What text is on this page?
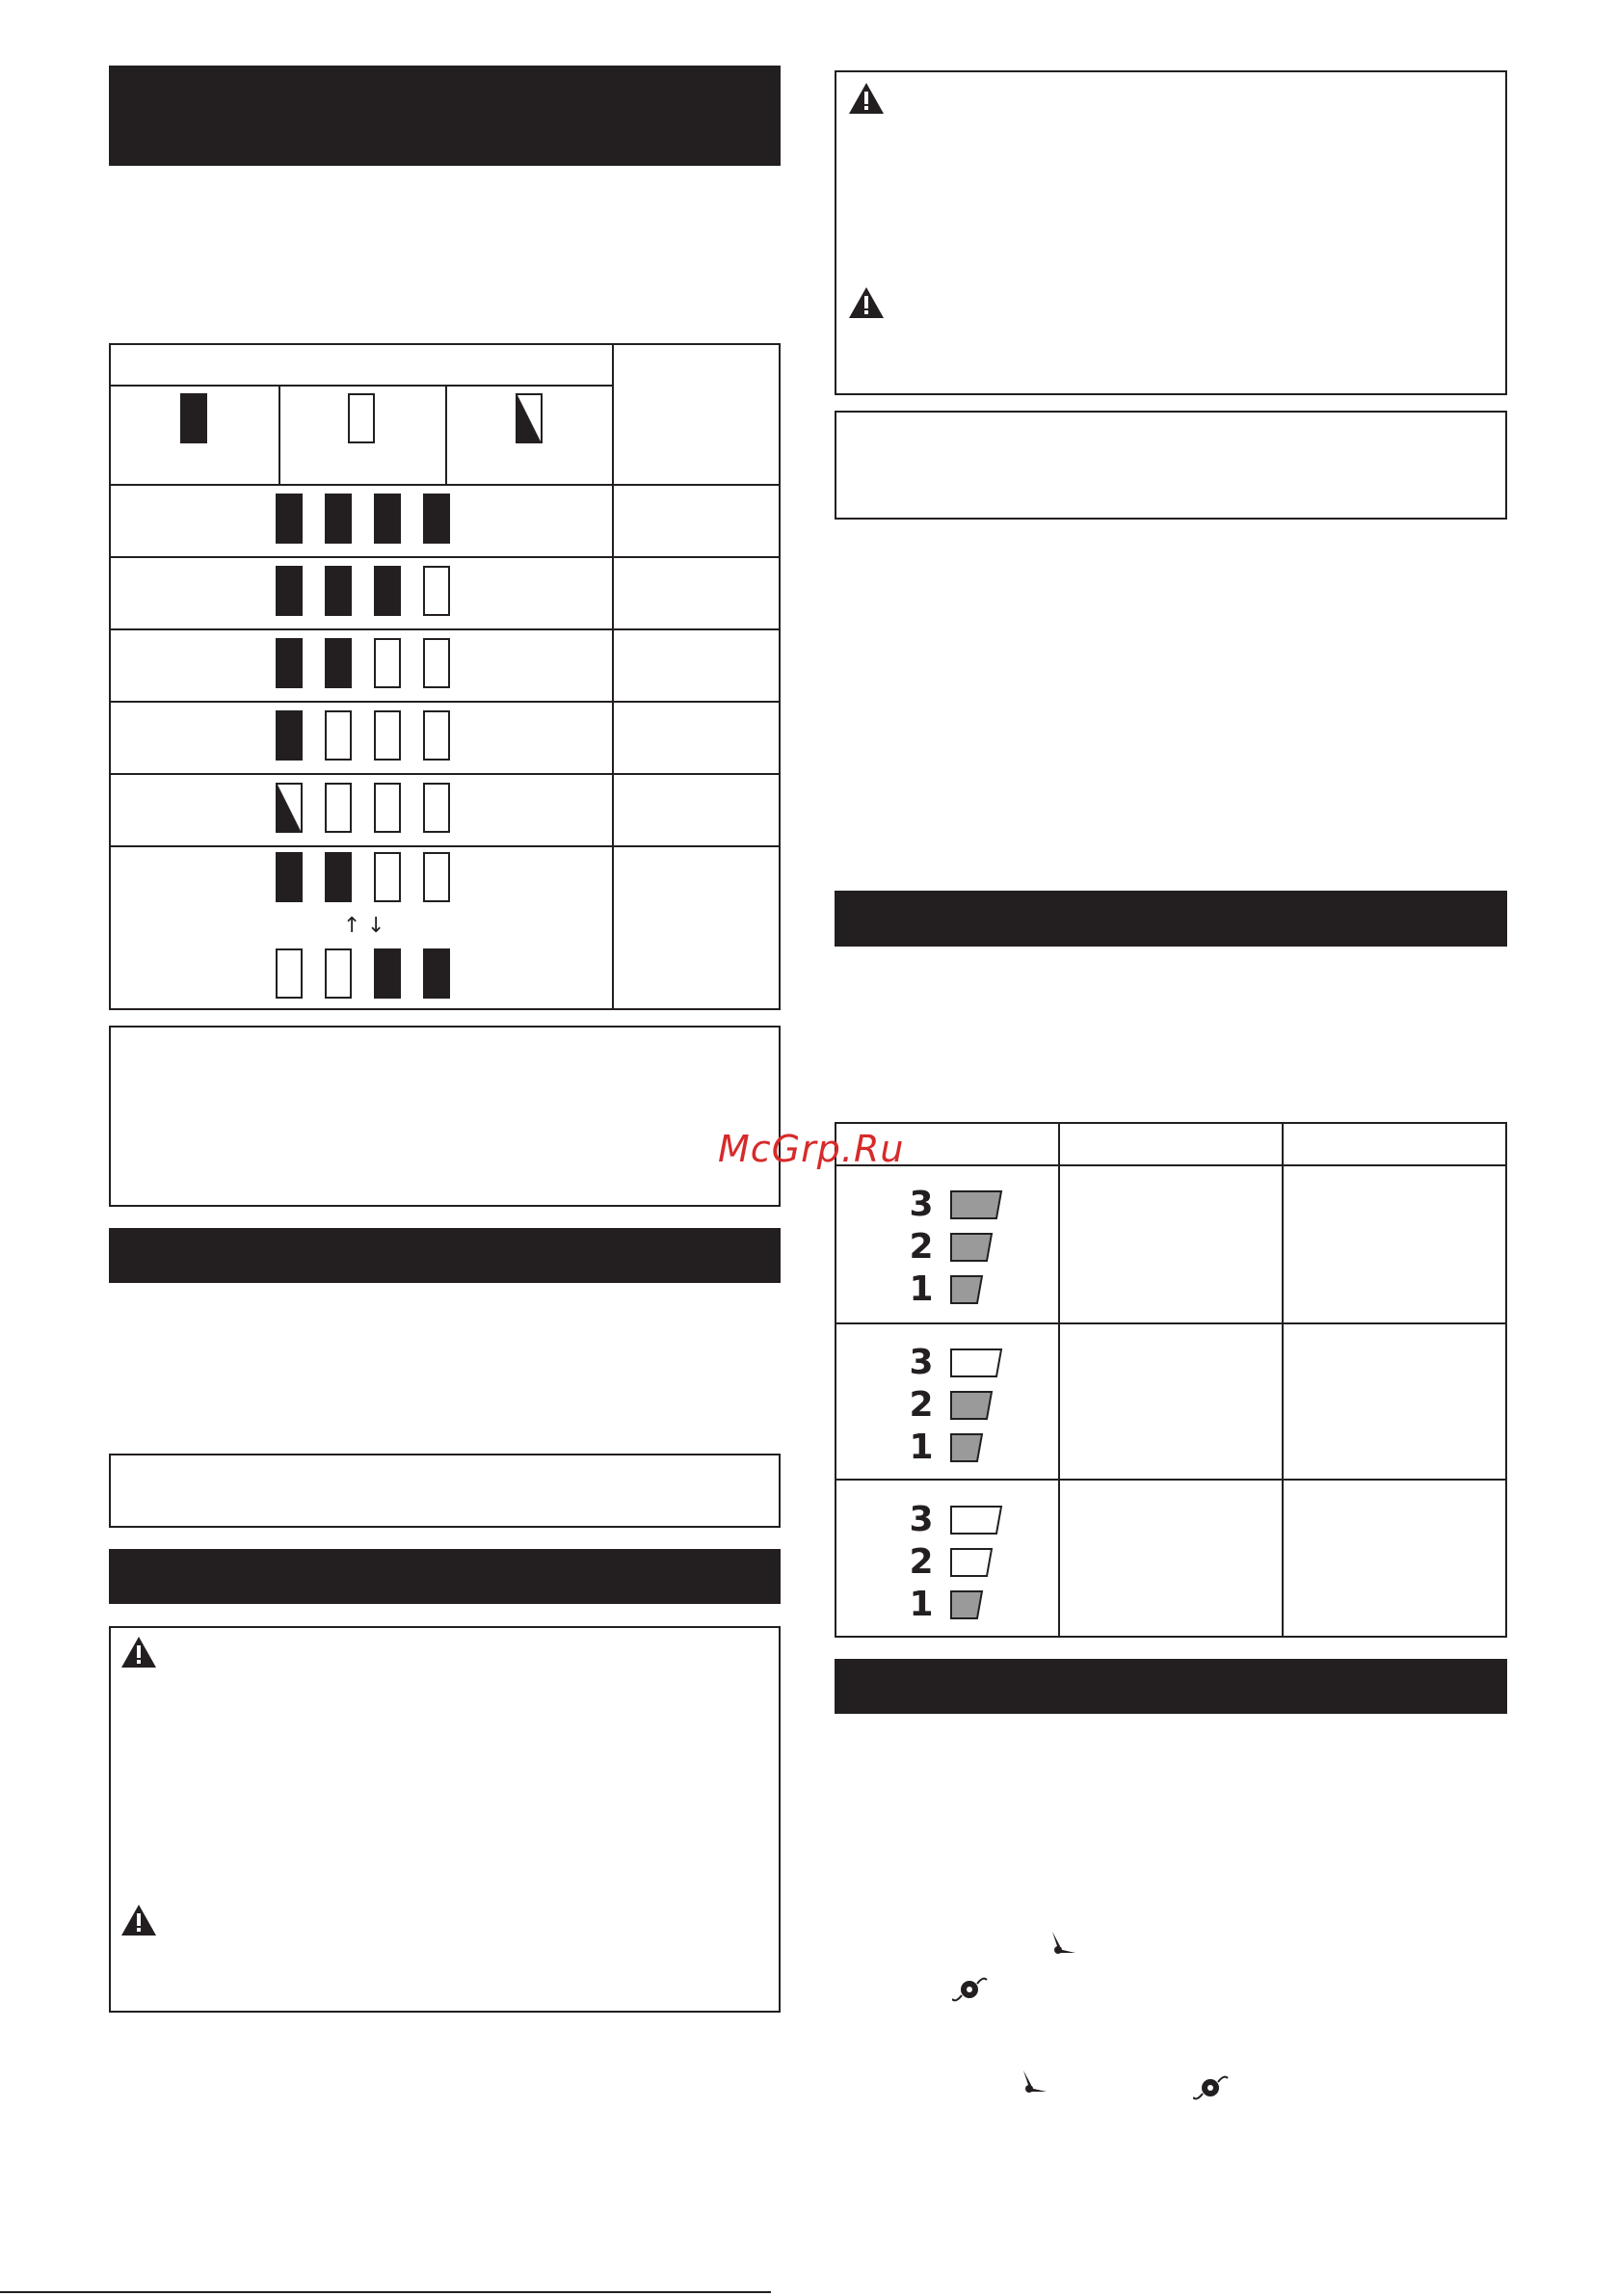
↑ ↓
3
2
1
3
2
1
3
2
1
McGrp.Ru
